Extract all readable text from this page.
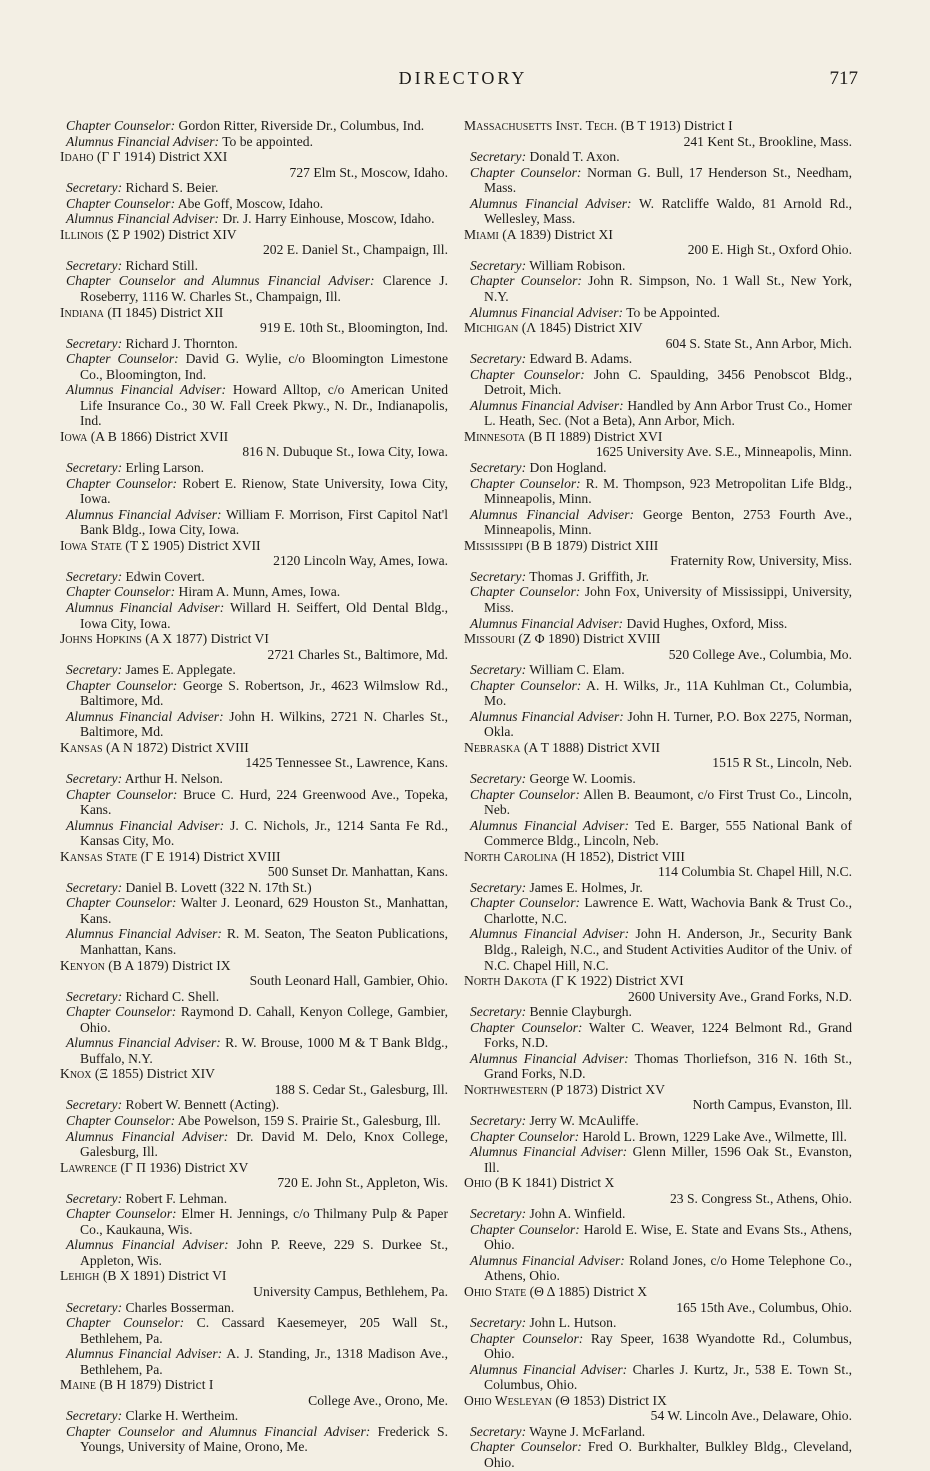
DIRECTORY	717
Chapter Counselor: Gordon Ritter, Riverside Dr., Columbus, Ind.
Alumnus Financial Adviser: To be appointed.
Idaho (Γ Γ 1914) District XXI
727 Elm St., Moscow, Idaho.
Secretary: Richard S. Beier.
Chapter Counselor: Abe Goff, Moscow, Idaho.
Alumnus Financial Adviser: Dr. J. Harry Einhouse, Moscow, Idaho.
Illinois (Σ P 1902) District XIV
202 E. Daniel St., Champaign, Ill.
Secretary: Richard Still.
Chapter Counselor and Alumnus Financial Adviser: Clarence J. Roseberry, 1116 W. Charles St., Champaign, Ill.
Indiana (Π 1845) District XII
919 E. 10th St., Bloomington, Ind.
Secretary: Richard J. Thornton.
Chapter Counselor: David G. Wylie, c/o Bloomington Limestone Co., Bloomington, Ind.
Alumnus Financial Adviser: Howard Alltop, c/o American United Life Insurance Co., 30 W. Fall Creek Pkwy., N. Dr., Indianapolis, Ind.
Iowa (A B 1866) District XVII
816 N. Dubuque St., Iowa City, Iowa.
Secretary: Erling Larson.
Chapter Counselor: Robert E. Rienow, State University, Iowa City, Iowa.
Alumnus Financial Adviser: William F. Morrison, First Capitol Nat'l Bank Bldg., Iowa City, Iowa.
Iowa State (T Σ 1905) District XVII
2120 Lincoln Way, Ames, Iowa.
Secretary: Edwin Covert.
Chapter Counselor: Hiram A. Munn, Ames, Iowa.
Alumnus Financial Adviser: Willard H. Seiffert, Old Dental Bldg., Iowa City, Iowa.
Johns Hopkins (A X 1877) District VI
2721 Charles St., Baltimore, Md.
Secretary: James E. Applegate.
Chapter Counselor: George S. Robertson, Jr., 4623 Wilmslow Rd., Baltimore, Md.
Alumnus Financial Adviser: John H. Wilkins, 2721 N. Charles St., Baltimore, Md.
Kansas (A N 1872) District XVIII
1425 Tennessee St., Lawrence, Kans.
Secretary: Arthur H. Nelson.
Chapter Counselor: Bruce C. Hurd, 224 Greenwood Ave., Topeka, Kans.
Alumnus Financial Adviser: J. C. Nichols, Jr., 1214 Santa Fe Rd., Kansas City, Mo.
Kansas State (Γ E 1914) District XVIII
500 Sunset Dr. Manhattan, Kans.
Secretary: Daniel B. Lovett (322 N. 17th St.)
Chapter Counselor: Walter J. Leonard, 629 Houston St., Manhattan, Kans.
Alumnus Financial Adviser: R. M. Seaton, The Seaton Publications, Manhattan, Kans.
Kenyon (B A 1879) District IX
South Leonard Hall, Gambier, Ohio.
Secretary: Richard C. Shell.
Chapter Counselor: Raymond D. Cahall, Kenyon College, Gambier, Ohio.
Alumnus Financial Adviser: R. W. Brouse, 1000 M & T Bank Bldg., Buffalo, N.Y.
Knox (Ξ 1855) District XIV
188 S. Cedar St., Galesburg, Ill.
Secretary: Robert W. Bennett (Acting).
Chapter Counselor: Abe Powelson, 159 S. Prairie St., Galesburg, Ill.
Alumnus Financial Adviser: Dr. David M. Delo, Knox College, Galesburg, Ill.
Lawrence (Γ Π 1936) District XV
720 E. John St., Appleton, Wis.
Secretary: Robert F. Lehman.
Chapter Counselor: Elmer H. Jennings, c/o Thilmany Pulp & Paper Co., Kaukauna, Wis.
Alumnus Financial Adviser: John P. Reeve, 229 S. Durkee St., Appleton, Wis.
Lehigh (B X 1891) District VI
University Campus, Bethlehem, Pa.
Secretary: Charles Bosserman.
Chapter Counselor: C. Cassard Kaesemeyer, 205 Wall St., Bethlehem, Pa.
Alumnus Financial Adviser: A. J. Standing, Jr., 1318 Madison Ave., Bethlehem, Pa.
Maine (B H 1879) District I
College Ave., Orono, Me.
Secretary: Clarke H. Wertheim.
Chapter Counselor and Alumnus Financial Adviser: Frederick S. Youngs, University of Maine, Orono, Me.
Massachusetts Inst. Tech. (B T 1913) District I
241 Kent St., Brookline, Mass.
Secretary: Donald T. Axon.
Chapter Counselor: Norman G. Bull, 17 Henderson St., Needham, Mass.
Alumnus Financial Adviser: W. Ratcliffe Waldo, 81 Arnold Rd., Wellesley, Mass.
Miami (A 1839) District XI
200 E. High St., Oxford Ohio.
Secretary: William Robison.
Chapter Counselor: John R. Simpson, No. 1 Wall St., New York, N.Y.
Alumnus Financial Adviser: To be Appointed.
Michigan (Λ 1845) District XIV
604 S. State St., Ann Arbor, Mich.
Secretary: Edward B. Adams.
Chapter Counselor: John C. Spaulding, 3456 Penobscot Bldg., Detroit, Mich.
Alumnus Financial Adviser: Handled by Ann Arbor Trust Co., Homer L. Heath, Sec. (Not a Beta), Ann Arbor, Mich.
Minnesota (B Π 1889) District XVI
1625 University Ave. S.E., Minneapolis, Minn.
Secretary: Don Hogland.
Chapter Counselor: R. M. Thompson, 923 Metropolitan Life Bldg., Minneapolis, Minn.
Alumnus Financial Adviser: George Benton, 2753 Fourth Ave., Minneapolis, Minn.
Mississippi (B B 1879) District XIII
Fraternity Row, University, Miss.
Secretary: Thomas J. Griffith, Jr.
Chapter Counselor: John Fox, University of Mississippi, University, Miss.
Alumnus Financial Adviser: David Hughes, Oxford, Miss.
Missouri (Z Φ 1890) District XVIII
520 College Ave., Columbia, Mo.
Secretary: William C. Elam.
Chapter Counselor: A. H. Wilks, Jr., 11A Kuhlman Ct., Columbia, Mo.
Alumnus Financial Adviser: John H. Turner, P.O. Box 2275, Norman, Okla.
Nebraska (A T 1888) District XVII
1515 R St., Lincoln, Neb.
Secretary: George W. Loomis.
Chapter Counselor: Allen B. Beaumont, c/o First Trust Co., Lincoln, Neb.
Alumnus Financial Adviser: Ted E. Barger, 555 National Bank of Commerce Bldg., Lincoln, Neb.
North Carolina (H 1852), District VIII
114 Columbia St. Chapel Hill, N.C.
Secretary: James E. Holmes, Jr.
Chapter Counselor: Lawrence E. Watt, Wachovia Bank & Trust Co., Charlotte, N.C.
Alumnus Financial Adviser: John H. Anderson, Jr., Security Bank Bldg., Raleigh, N.C., and Student Activities Auditor of the Univ. of N.C. Chapel Hill, N.C.
North Dakota (Γ K 1922) District XVI
2600 University Ave., Grand Forks, N.D.
Secretary: Bennie Clayburgh.
Chapter Counselor: Walter C. Weaver, 1224 Belmont Rd., Grand Forks, N.D.
Alumnus Financial Adviser: Thomas Thorliefson, 316 N. 16th St., Grand Forks, N.D.
Northwestern (P 1873) District XV
North Campus, Evanston, Ill.
Secretary: Jerry W. McAuliffe.
Chapter Counselor: Harold L. Brown, 1229 Lake Ave., Wilmette, Ill.
Alumnus Financial Adviser: Glenn Miller, 1596 Oak St., Evanston, Ill.
Ohio (B K 1841) District X
23 S. Congress St., Athens, Ohio.
Secretary: John A. Winfield.
Chapter Counselor: Harold E. Wise, E. State and Evans Sts., Athens, Ohio.
Alumnus Financial Adviser: Roland Jones, c/o Home Telephone Co., Athens, Ohio.
Ohio State (Θ Δ 1885) District X
165 15th Ave., Columbus, Ohio.
Secretary: John L. Hutson.
Chapter Counselor: Ray Speer, 1638 Wyandotte Rd., Columbus, Ohio.
Alumnus Financial Adviser: Charles J. Kurtz, Jr., 538 E. Town St., Columbus, Ohio.
Ohio Wesleyan (Θ 1853) District IX
54 W. Lincoln Ave., Delaware, Ohio.
Secretary: Wayne J. McFarland.
Chapter Counselor: Fred O. Burkhalter, Bulkley Bldg., Cleveland, Ohio.
